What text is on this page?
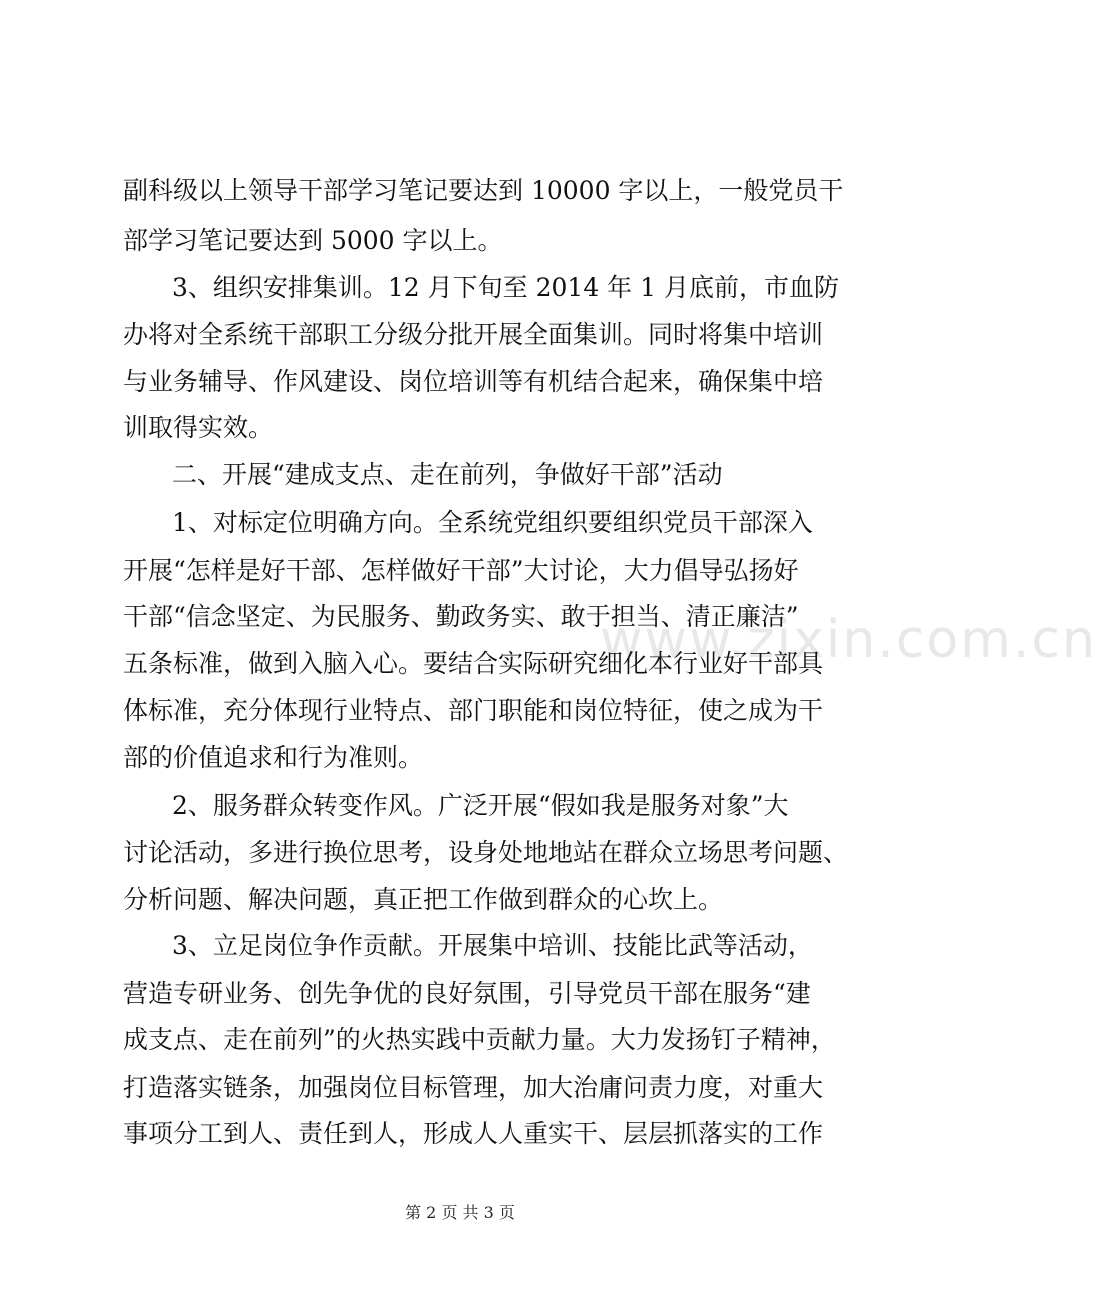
www.zixin.com.cn
副科级以上领导干部学习笔记要达到 10000 字以上，一般党员干
部学习笔记要达到 5000 字以上。
3、组织安排集训。12 月下旬至 2014 年 1 月底前，市血防
办将对全系统干部职工分级分批开展全面集训。同时将集中培训
与业务辅导、作风建设、岗位培训等有机结合起来，确保集中培
训取得实效。
二、开展“建成支点、走在前列，争做好干部”活动
1、对标定位明确方向。全系统党组织要组织党员干部深入
开展“怎样是好干部、怎样做好干部”大讨论，大力倡导弘扬好
干部“信念坚定、为民服务、勤政务实、敢于担当、清正廉洁”
五条标准，做到入脑入心。要结合实际研究细化本行业好干部具
体标准，充分体现行业特点、部门职能和岗位特征，使之成为干
部的价值追求和行为准则。
2、服务群众转变作风。广泛开展“假如我是服务对象”大
讨论活动，多进行换位思考，设身处地地站在群众立场思考问题、
分析问题、解决问题，真正把工作做到群众的心坎上。
3、立足岗位争作贡献。开展集中培训、技能比武等活动，
营造专研业务、创先争优的良好氛围，引导党员干部在服务“建
成支点、走在前列”的火热实践中贡献力量。大力发扬钉子精神，
打造落实链条，加强岗位目标管理，加大治庸问责力度，对重大
事项分工到人、责任到人，形成人人重实干、层层抓落实的工作
第 2 页 共 3 页
